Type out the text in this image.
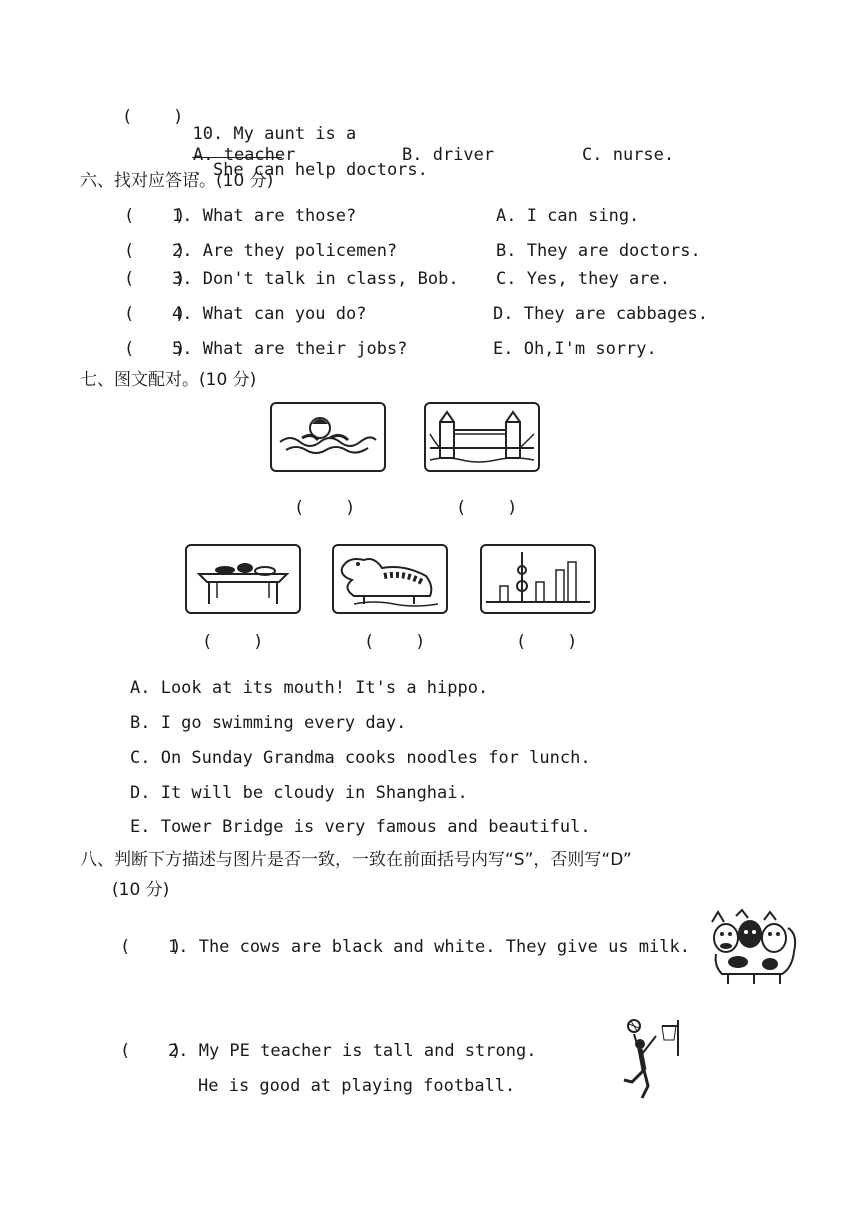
(    )

10. My aunt is a

. She can help doctors.

A. teacher	B. driver	C. nurse.
六、找对应答语。(10 分)
(    )
1. What are those?	A. I can sing.
(    )
2. Are they policemen?	B. They are doctors.
(    )
3. Don't talk in class, Bob. C. Yes, they are.
(    )
4. What can you do?	D. They are cabbages.
(    )
5. What are their jobs?	E. Oh,I'm sorry.
七、图文配对。(10 分)
(    )	(    )
(    )	(    )	(    )
A. Look at its mouth! It's a hippo.
B. I go swimming every day.
C. On Sunday Grandma cooks noodles for lunch.
D. It will be cloudy in Shanghai.
E. Tower Bridge is very famous and beautiful.
八、判断下方描述与图片是否一致，一致在前面括号内写“S”，否则写“D”
(10 分)
(    )
1. The cows are black and white. They give us milk.
(    )
2. My PE teacher is tall and strong.
He is good at playing football.
